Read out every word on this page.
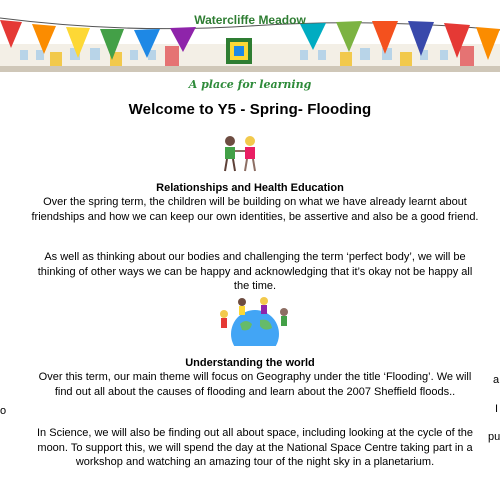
Watercliffe Meadow
A place for learning
Welcome to Y5 - Spring- Flooding
Relationships and Health Education
Over the spring term, the children will be building on what we have already learnt about friendships and how we can keep our own identities, be assertive and also be a good friend.
As well as thinking about our bodies and challenging the term ‘perfect body’, we will be thinking of other ways we can be happy and acknowledging that it’s okay not be happy all the time.
Understanding the world
Over this term, our main theme will focus on Geography under the title ‘Flooding’. We will find out all about the causes of flooding and learn about the 2007 Sheffield floods..
In Science, we will also be finding out all about space, including looking at the cycle of the moon. To support this, we will spend the day at the National Space Centre taking part in a workshop and watching an amazing tour of the night sky in a planetarium.
o
a
I
pu
